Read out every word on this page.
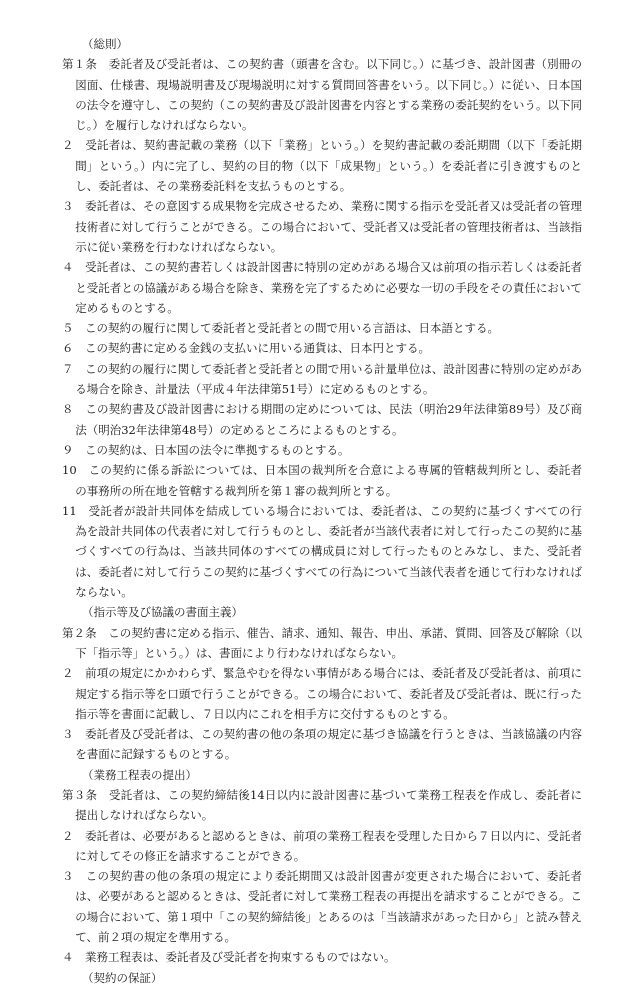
（総則）

第１条　委託者及び受託者は、この契約書（頭書を含む。以下同じ。）に基づき、設計図書（別冊の図面、仕様書、現場説明書及び現場説明に対する質問回答書をいう。以下同じ。）に従い、日本国の法令を遵守し、この契約（この契約書及び設計図書を内容とする業務の委託契約をいう。以下同じ。）を履行しなければならない。

２　受託者は、契約書記載の業務（以下「業務」という。）を契約書記載の委託期間（以下「委託期間」という。）内に完了し、契約の目的物（以下「成果物」という。）を委託者に引き渡すものとし、委託者は、その業務委託料を支払うものとする。

３　委託者は、その意図する成果物を完成させるため、業務に関する指示を受託者又は受託者の管理技術者に対して行うことができる。この場合において、受託者又は受託者の管理技術者は、当該指示に従い業務を行わなければならない。

４　受託者は、この契約書若しくは設計図書に特別の定めがある場合又は前項の指示若しくは委託者と受託者との協議がある場合を除き、業務を完了するために必要な一切の手段をその責任において定めるものとする。

５　この契約の履行に関して委託者と受託者との間で用いる言語は、日本語とする。

６　この契約書に定める金銭の支払いに用いる通貨は、日本円とする。

７　この契約の履行に関して委託者と受託者との間で用いる計量単位は、設計図書に特別の定めがある場合を除き、計量法（平成４年法律第51号）に定めるものとする。

８　この契約書及び設計図書における期間の定めについては、民法（明治29年法律第89号）及び商法（明治32年法律第48号）の定めるところによるものとする。

９　この契約は、日本国の法令に準拠するものとする。

10　この契約に係る訴訟については、日本国の裁判所を合意による専属的管轄裁判所とし、委託者の事務所の所在地を管轄する裁判所を第１審の裁判所とする。

11　受託者が設計共同体を結成している場合においては、委託者は、この契約に基づくすべての行為を設計共同体の代表者に対して行うものとし、委託者が当該代表者に対して行ったこの契約に基づくすべての行為は、当該共同体のすべての構成員に対して行ったものとみなし、また、受託者は、委託者に対して行うこの契約に基づくすべての行為について当該代表者を通じて行わなければならない。

（指示等及び協議の書面主義）

第２条　この契約書に定める指示、催告、請求、通知、報告、申出、承諾、質問、回答及び解除（以下「指示等」という。）は、書面により行わなければならない。

２　前項の規定にかかわらず、緊急やむを得ない事情がある場合には、委託者及び受託者は、前項に規定する指示等を口頭で行うことができる。この場合において、委託者及び受託者は、既に行った指示等を書面に記載し、７日以内にこれを相手方に交付するものとする。

３　委託者及び受託者は、この契約書の他の条項の規定に基づき協議を行うときは、当該協議の内容を書面に記録するものとする。

（業務工程表の提出）

第３条　受託者は、この契約締結後14日以内に設計図書に基づいて業務工程表を作成し、委託者に提出しなければならない。

２　委託者は、必要があると認めるときは、前項の業務工程表を受理した日から７日以内に、受託者に対してその修正を請求することができる。

３　この契約書の他の条項の規定により委託期間又は設計図書が変更された場合において、委託者は、必要があると認めるときは、受託者に対して業務工程表の再提出を請求することができる。この場合において、第１項中「この契約締結後」とあるのは「当該請求があった日から」と読み替えて、前２項の規定を準用する。

４　業務工程表は、委託者及び受託者を拘束するものではない。

（契約の保証）
